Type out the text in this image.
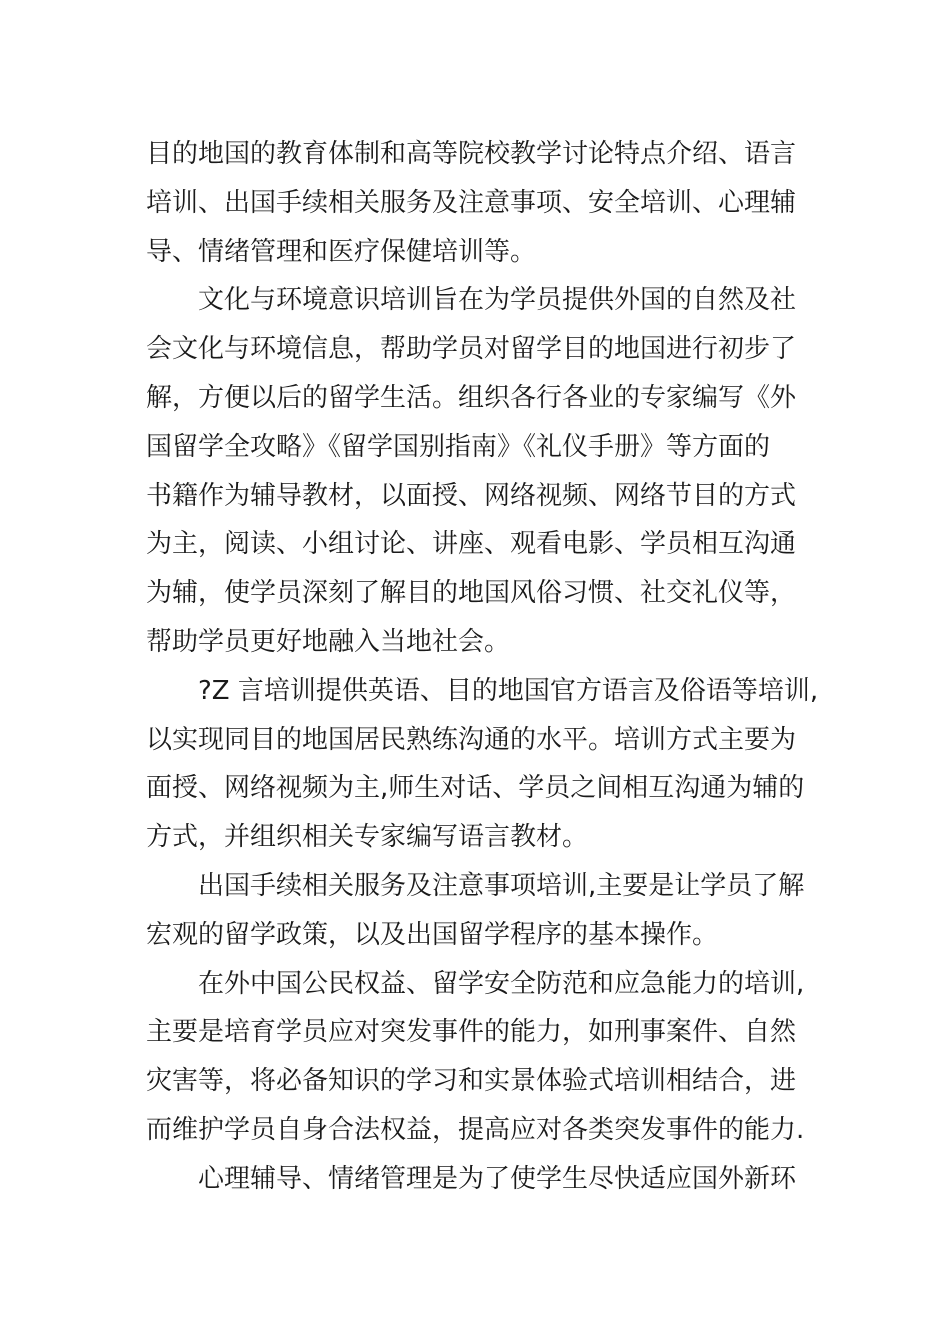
目的地国的教育体制和高等院校教学讨论特点介绍、语言
培训、出国手续相关服务及注意事项、安全培训、心理辅
导、情绪管理和医疗保健培训等。
文化与环境意识培训旨在为学员提供外国的自然及社
会文化与环境信息，帮助学员对留学目的地国进行初步了
解，方便以后的留学生活。组织各行各业的专家编写《外
国留学全攻略》《留学国别指南》《礼仪手册》等方面的
书籍作为辅导教材，以面授、网络视频、网络节目的方式
为主，阅读、小组讨论、讲座、观看电影、学员相互沟通
为辅，使学员深刻了解目的地国风俗习惯、社交礼仪等，
帮助学员更好地融入当地社会。
?Z 言培训提供英语、目的地国官方语言及俗语等培训,
以实现同目的地国居民熟练沟通的水平。培训方式主要为
面授、网络视频为主,师生对话、学员之间相互沟通为辅的
方式，并组织相关专家编写语言教材。
出国手续相关服务及注意事项培训,主要是让学员了解
宏观的留学政策，以及出国留学程序的基本操作。
在外中国公民权益、留学安全防范和应急能力的培训,
主要是培育学员应对突发事件的能力，如刑事案件、自然
灾害等，将必备知识的学习和实景体验式培训相结合，进
而维护学员自身合法权益，提高应对各类突发事件的能力.
心理辅导、情绪管理是为了使学生尽快适应国外新环
